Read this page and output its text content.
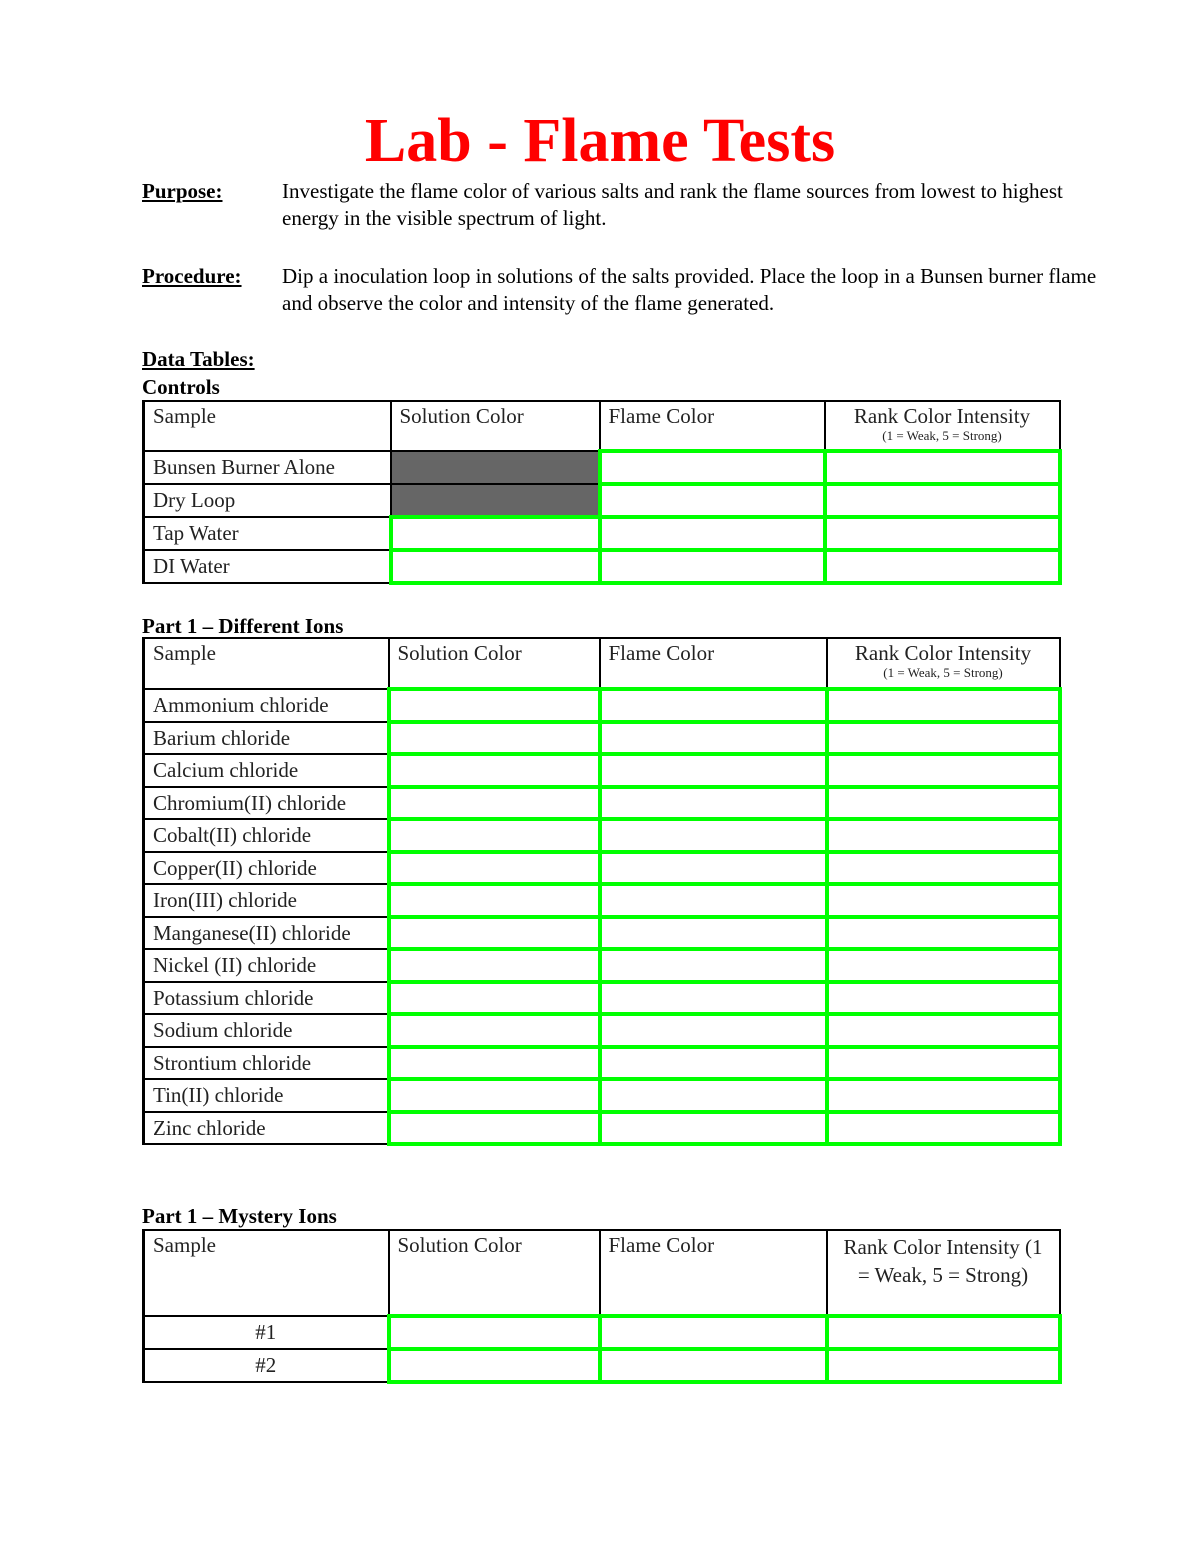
Lab - Flame Tests
Purpose:	Investigate the flame color of various salts and rank the flame sources from lowest to highest energy in the visible spectrum of light.
Procedure: Dip a inoculation loop in solutions of the salts provided. Place the loop in a Bunsen burner flame and observe the color and intensity of the flame generated.
Data Tables:
Controls
Sample	Solution Color	Flame Color	Rank Color Intensity
(1 = Weak, 5 = Strong)

Bunsen Burner Alone			
Dry Loop			
Tap Water			
DI Water			
Part 1 – Different Ions
Sample	Solution Color	Flame Color	Rank Color Intensity
(1 = Weak, 5 = Strong)

Ammonium chloride			
Barium chloride			
Calcium chloride			
Chromium(II) chloride			
Cobalt(II) chloride			
Copper(II) chloride			
Iron(III) chloride			
Manganese(II) chloride			
Nickel (II) chloride			
Potassium chloride			
Sodium chloride			
Strontium chloride			
Tin(II) chloride			
Zinc chloride			
Part 1 – Mystery Ions
Sample	Solution Color	Flame Color	Rank Color Intensity (1 = Weak, 5 = Strong)
#1			
#2			
